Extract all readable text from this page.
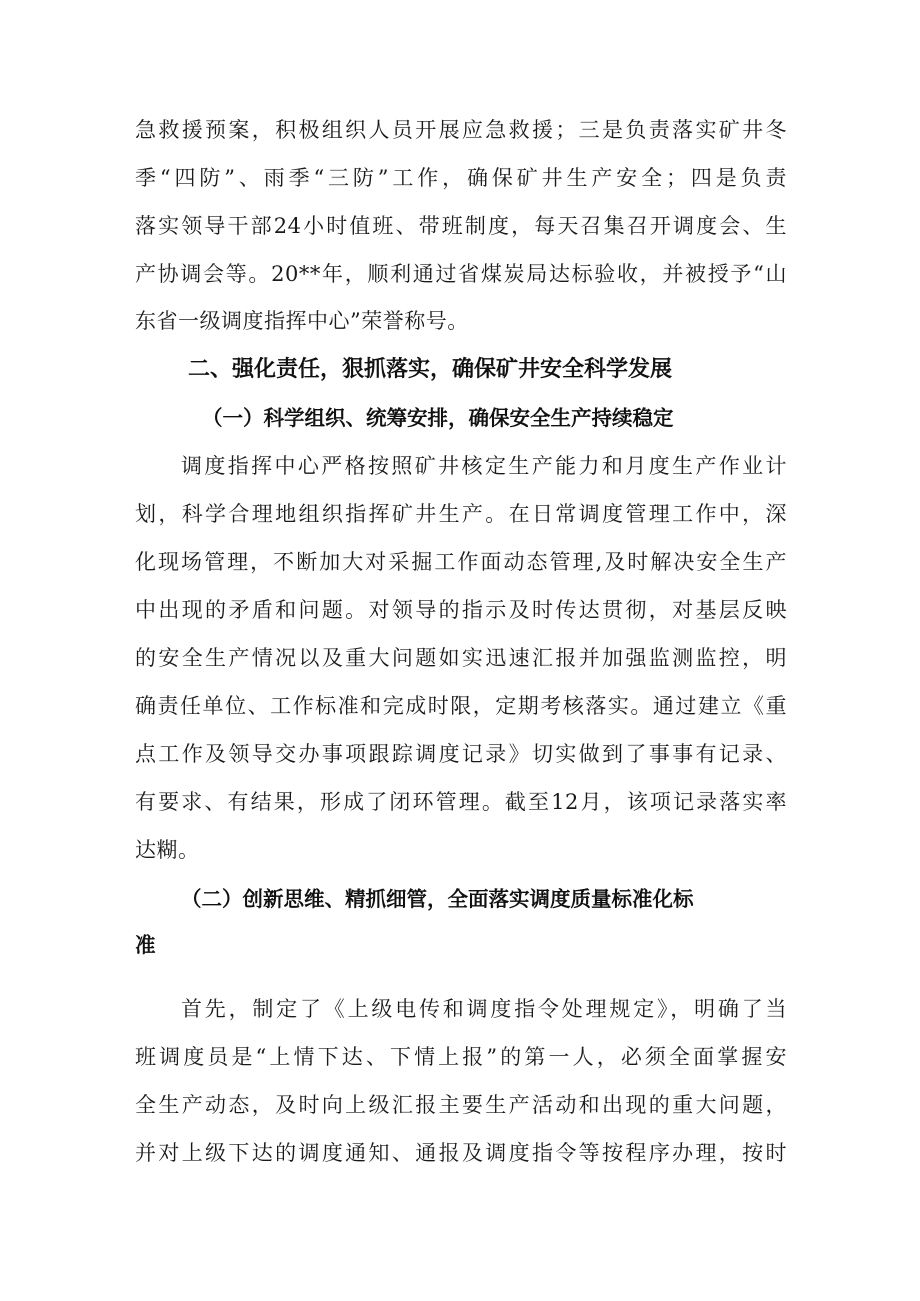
急救援预案，积极组织人员开展应急救援；三是负责落实矿井冬
季“四防”、雨季“三防”工作，确保矿井生产安全；四是负责
落实领导干部24小时值班、带班制度，每天召集召开调度会、生
产协调会等。20**年，顺利通过省煤炭局达标验收，并被授予“山
东省一级调度指挥中心”荣誉称号。
二、强化责任，狠抓落实，确保矿井安全科学发展
（一）科学组织、统筹安排，确保安全生产持续稳定
调度指挥中心严格按照矿井核定生产能力和月度生产作业计
划，科学合理地组织指挥矿井生产。在日常调度管理工作中，深
化现场管理，不断加大对采掘工作面动态管理,及时解决安全生产
中出现的矛盾和问题。对领导的指示及时传达贯彻，对基层反映
的安全生产情况以及重大问题如实迅速汇报并加强监测监控，明
确责任单位、工作标准和完成时限，定期考核落实。通过建立《重
点工作及领导交办事项跟踪调度记录》切实做到了事事有记录、
有要求、有结果，形成了闭环管理。截至12月，该项记录落实率
达糊。
（二）创新思维、精抓细管，全面落实调度质量标准化标
准
首先，制定了《上级电传和调度指令处理规定》，明确了当
班调度员是“上情下达、下情上报”的第一人，必须全面掌握安
全生产动态，及时向上级汇报主要生产活动和出现的重大问题，
并对上级下达的调度通知、通报及调度指令等按程序办理，按时
